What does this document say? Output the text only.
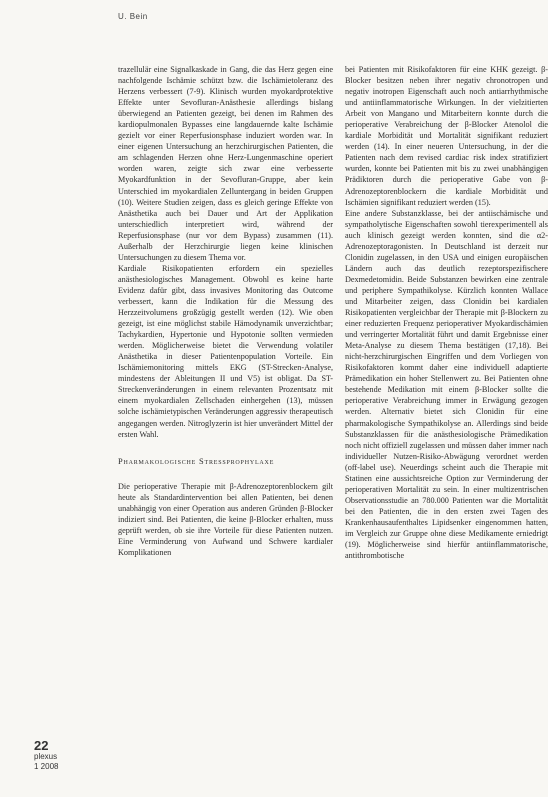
U. Bein

trazellulär eine Signalkaskade in Gang, die das Herz gegen eine nachfolgende Ischämie schützt bzw. die Ischämietoleranz des Herzens verbessert (7-9). Klinisch wurden myokardprotektive Effekte unter Sevofluran-Anästhesie allerdings bislang überwiegend an Patienten gezeigt, bei denen im Rahmen des kardiopulmonalen Bypasses eine langdauernde kalte Ischämie gezielt vor einer Reperfusionsphase induziert worden war. In einer eigenen Untersuchung an herzchirurgischen Patienten, die am schlagenden Herzen ohne Herz-Lungenmaschine operiert worden waren, zeigte sich zwar eine verbesserte Myokardfunktion in der Sevofluran-Gruppe, aber kein Unterschied im myokardialen Zelluntergang in beiden Gruppen (10). Weitere Studien zeigen, dass es gleich geringe Effekte von Anästhetika auch bei Dauer und Art der Applikation unterschiedlich interpretiert wird, während der Reperfusionsphase (nur vor dem Bypass) zusammen (11). Außerhalb der Herzchirurgie liegen keine klinischen Untersuchungen zu diesem Thema vor.

Kardiale Risikopatienten erfordern ein spezielles anästhesiologisches Management. Obwohl es keine harte Evidenz dafür gibt, dass invasives Monitoring das Outcome verbessert, kann die Indikation für die Messung des Herzzeitvolumens großzügig gestellt werden (12). Wie oben gezeigt, ist eine möglichst stabile Hämodynamik unverzichtbar; Tachykardien, Hypertonie und Hypotonie sollten vermieden werden. Möglicherweise bietet die Verwendung volatiler Anästhetika in dieser Patientenpopulation Vorteile. Ein Ischämiemonitoring mittels EKG (ST-Strecken-Analyse, mindestens der Ableitungen II und V5) ist obligat. Da ST-Streckenveränderungen in einem relevanten Prozentsatz mit einem myokardialen Zellschaden einhergehen (13), müssen solche ischämietypischen Veränderungen aggressiv therapeutisch angegangen werden. Nitroglyzerin ist hier unverändert Mittel der ersten Wahl.

Pharmakologische Stressprophylaxe

Die perioperative Therapie mit β-Adrenozeptorenblockern gilt heute als Standardintervention bei allen Patienten, bei denen unabhängig von einer Operation aus anderen Gründen β-Blocker indiziert sind. Bei Patienten, die keine β-Blocker erhalten, muss geprüft werden, ob sie ihre Vorteile für diese Patienten nutzen. Eine Verminderung von Aufwand und Schwere kardialer Komplikationen

bei Patienten mit Risikofaktoren für eine KHK gezeigt. β-Blocker besitzen neben ihrer negativ chronotropen und negativ inotropen Eigenschaft auch noch antiarrhythmische und antiinflammatorische Wirkungen. In der vielzitierten Arbeit von Mangano und Mitarbeitern konnte durch die perioperative Verabreichung der β-Blocker Atenolol die kardiale Morbidität und Mortalität signifikant reduziert werden (14). In einer neueren Untersuchung, in der die Patienten nach dem revised cardiac risk index stratifiziert wurden, konnte bei Patienten mit bis zu zwei unabhängigen Prädiktoren durch die perioperative Gabe von β-Adrenozeptorenblockern die kardiale Morbidität und Ischämien signifikant reduziert werden (15).

Eine andere Substanzklasse, bei der antiischämische und sympatholytische Eigenschaften sowohl tierexperimentell als auch klinisch gezeigt werden konnten, sind die α2-Adrenozeptoragonisten. In Deutschland ist derzeit nur Clonidin zugelassen, in den USA und einigen europäischen Ländern auch das deutlich rezeptorspezifischere Dexmedetomidin. Beide Substanzen bewirken eine zentrale und periphere Sympathikolyse. Kürzlich konnten Wallace und Mitarbeiter zeigen, dass Clonidin bei kardialen Risikopatienten vergleichbar der Therapie mit β-Blockern zu einer reduzierten Frequenz perioperativer Myokardischämien und verringerter Mortalität führt und damit Ergebnisse einer Meta-Analyse zu diesem Thema bestätigen (17,18). Bei nicht-herzchirurgischen Eingriffen und dem Vorliegen von Risikofaktoren kommt daher eine individuell adaptierte Prämedikation ein hoher Stellenwert zu. Bei Patienten ohne bestehende Medikation mit einem β-Blocker sollte die perioperative Verabreichung immer in Erwägung gezogen werden. Alternativ bietet sich Clonidin für eine pharmakologische Sympathikolyse an. Allerdings sind beide Substanzklassen für die anästhesiologische Prämedikation noch nicht offiziell zugelassen und müssen daher immer nach individueller Nutzen-Risiko-Abwägung verordnet werden (off-label use). Neuerdings scheint auch die Therapie mit Statinen eine aussichtsreiche Option zur Verminderung der perioperativen Mortalität zu sein. In einer multizentrischen Observationsstudie an 780.000 Patienten war die Mortalität bei den Patienten, die in den ersten zwei Tagen des Krankenhausaufenthaltes Lipidsenker eingenommen hatten, im Vergleich zur Gruppe ohne diese Medikamente erniedrigt (19). Möglicherweise sind hierfür antiinflammatorische, antithrombotische

22
plexus
1 2008
